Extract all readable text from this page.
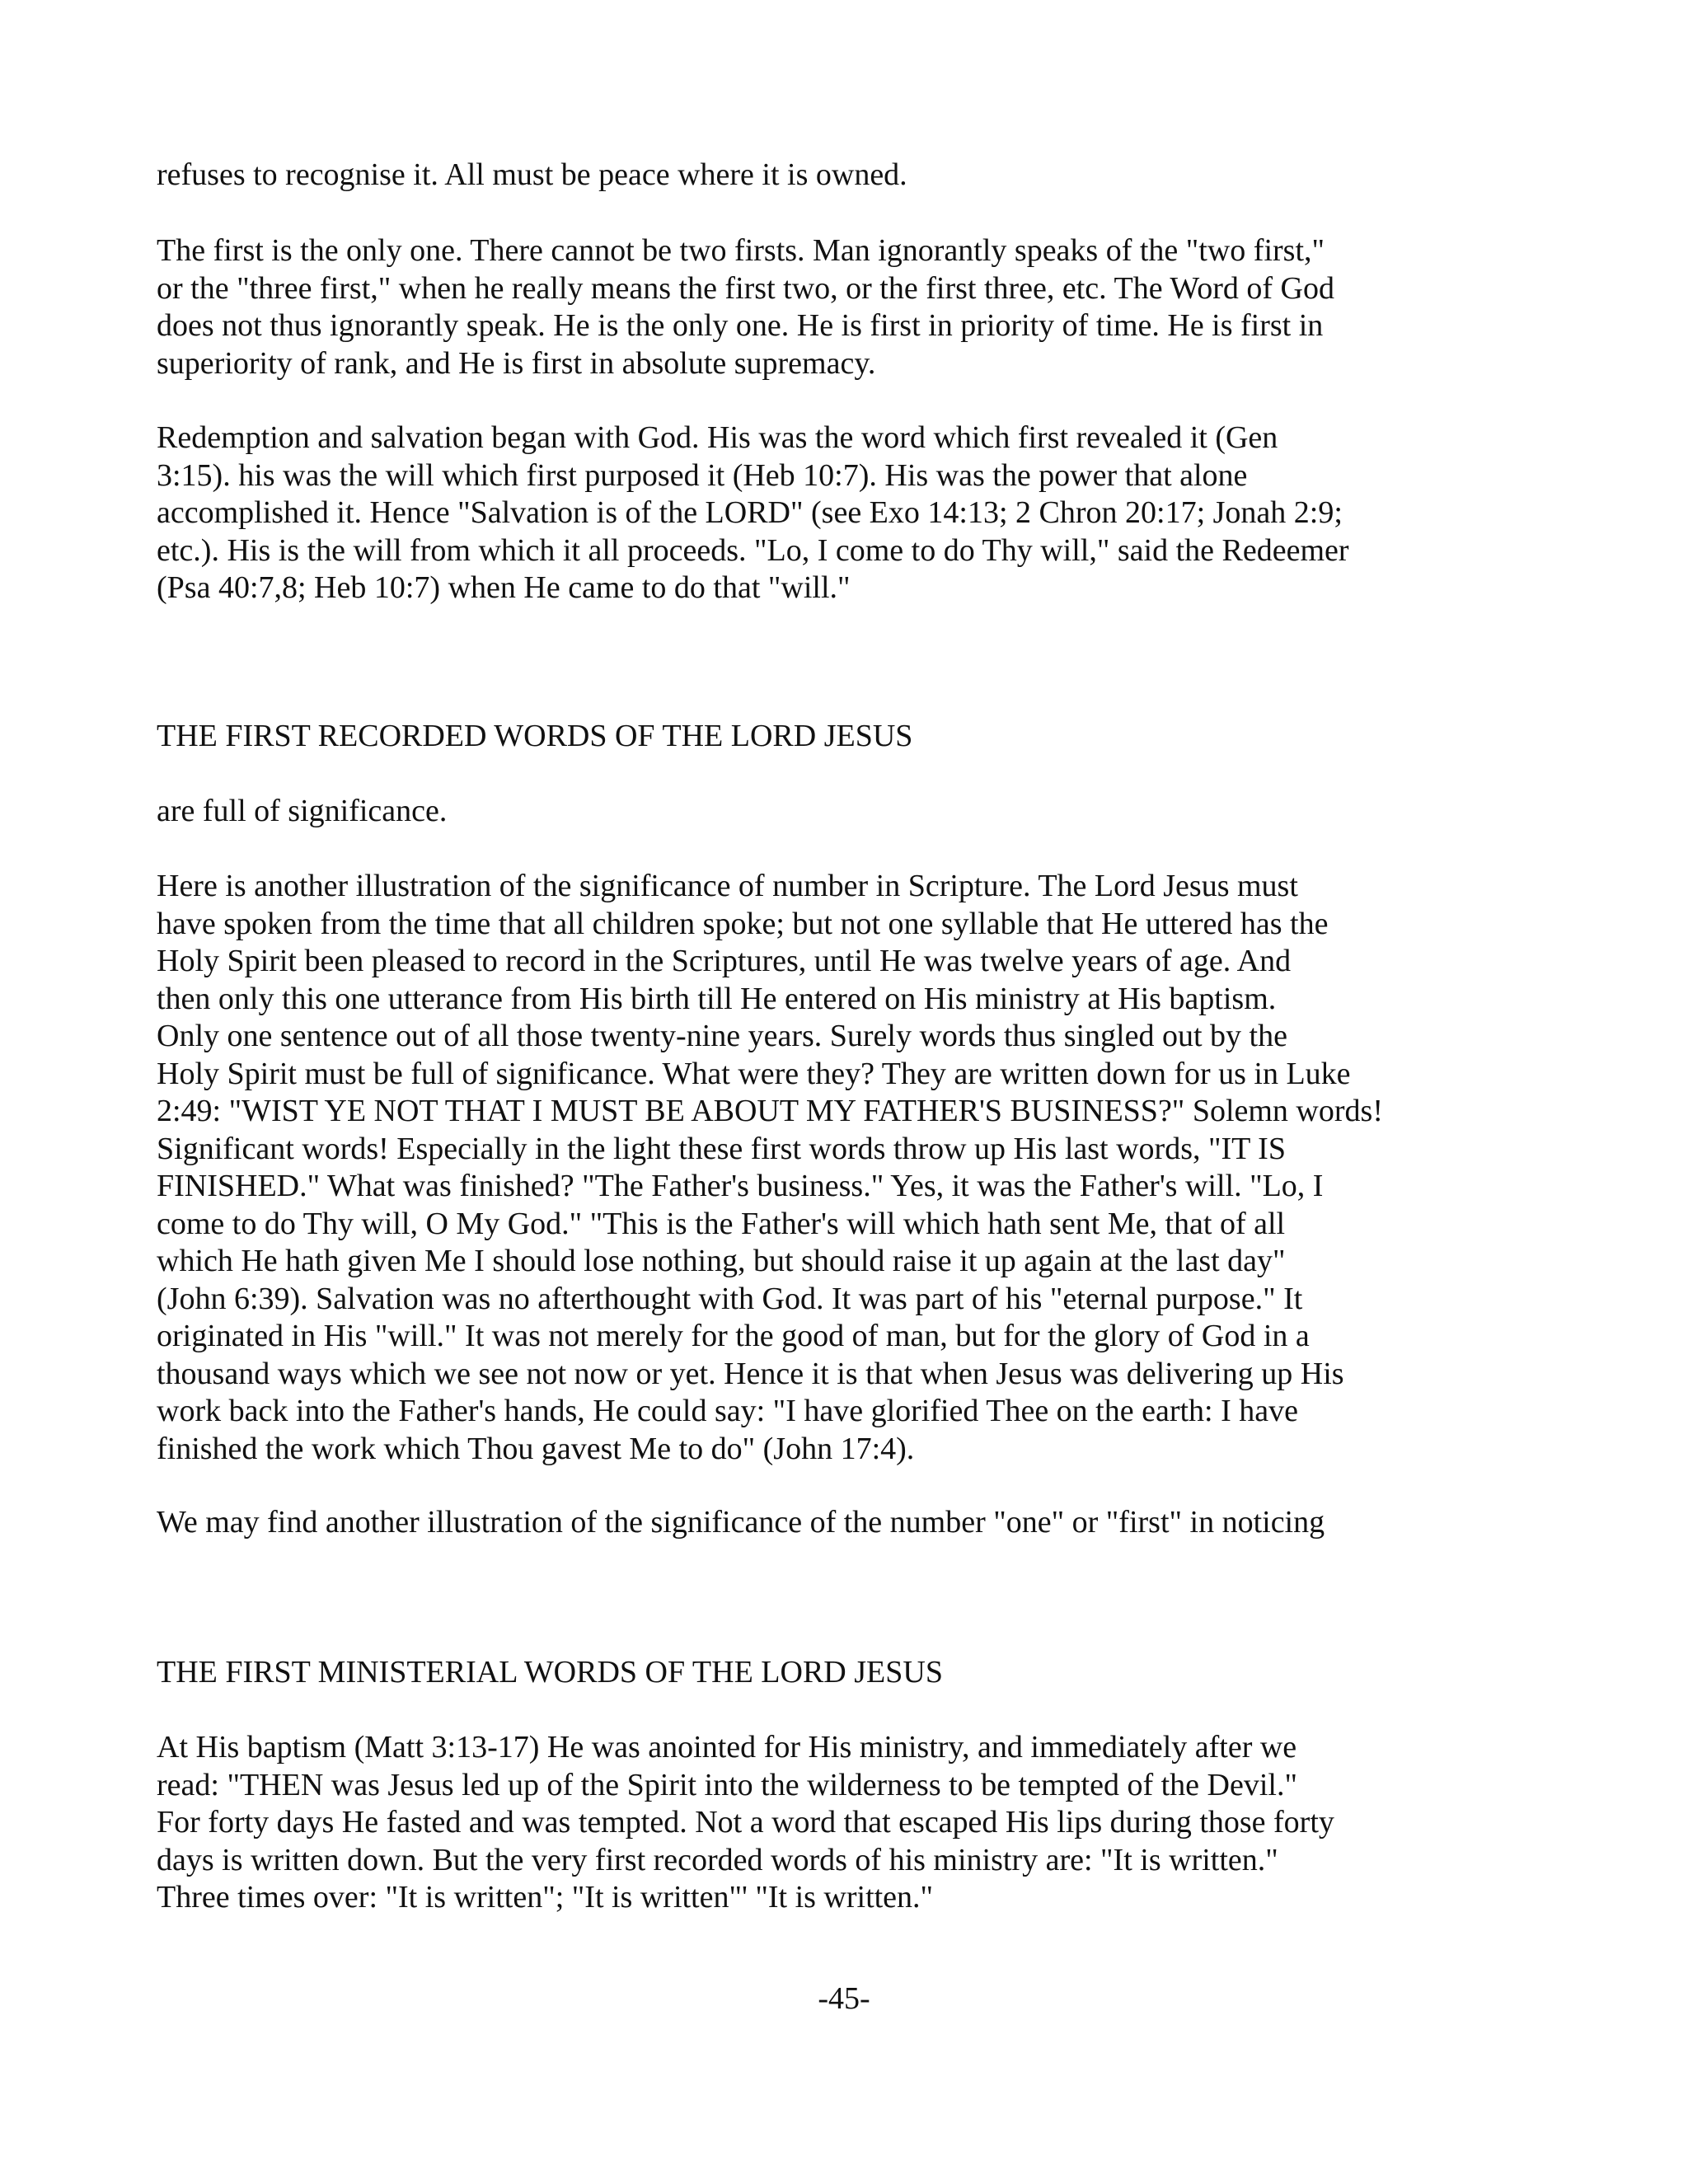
refuses to recognise it. All must be peace where it is owned.

The first is the only one. There cannot be two firsts. Man ignorantly speaks of the "two first,"
or the "three first," when he really means the first two, or the first three, etc. The Word of God
does not thus ignorantly speak. He is the only one. He is first in priority of time. He is first in
superiority of rank, and He is first in absolute supremacy.

Redemption and salvation began with God. His was the word which first revealed it (Gen
3:15). his was the will which first purposed it (Heb 10:7). His was the power that alone
accomplished it. Hence "Salvation is of the LORD" (see Exo 14:13; 2 Chron 20:17; Jonah 2:9;
etc.). His is the will from which it all proceeds. "Lo, I come to do Thy will," said the Redeemer
(Psa 40:7,8; Heb 10:7) when He came to do that "will."

THE FIRST RECORDED WORDS OF THE LORD JESUS

are full of significance.

Here is another illustration of the significance of number in Scripture. The Lord Jesus must
have spoken from the time that all children spoke; but not one syllable that He uttered has the
Holy Spirit been pleased to record in the Scriptures, until He was twelve years of age. And
then only this one utterance from His birth till He entered on His ministry at His baptism.
Only one sentence out of all those twenty-nine years. Surely words thus singled out by the
Holy Spirit must be full of significance. What were they? They are written down for us in Luke
2:49: "WIST YE NOT THAT I MUST BE ABOUT MY FATHER'S BUSINESS?" Solemn words!
Significant words! Especially in the light these first words throw up His last words, "IT IS
FINISHED." What was finished? "The Father's business." Yes, it was the Father's will. "Lo, I
come to do Thy will, O My God." "This is the Father's will which hath sent Me, that of all
which He hath given Me I should lose nothing, but should raise it up again at the last day"
(John 6:39). Salvation was no afterthought with God. It was part of his "eternal purpose." It
originated in His "will." It was not merely for the good of man, but for the glory of God in a
thousand ways which we see not now or yet. Hence it is that when Jesus was delivering up His
work back into the Father's hands, He could say: "I have glorified Thee on the earth: I have
finished the work which Thou gavest Me to do" (John 17:4).

We may find another illustration of the significance of the number "one" or "first" in noticing

THE FIRST MINISTERIAL WORDS OF THE LORD JESUS

At His baptism (Matt 3:13-17) He was anointed for His ministry, and immediately after we
read: "THEN was Jesus led up of the Spirit into the wilderness to be tempted of the Devil."
For forty days He fasted and was tempted. Not a word that escaped His lips during those forty
days is written down. But the very first recorded words of his ministry are: "It is written."
Three times over: "It is written"; "It is written"' "It is written."

-45-
